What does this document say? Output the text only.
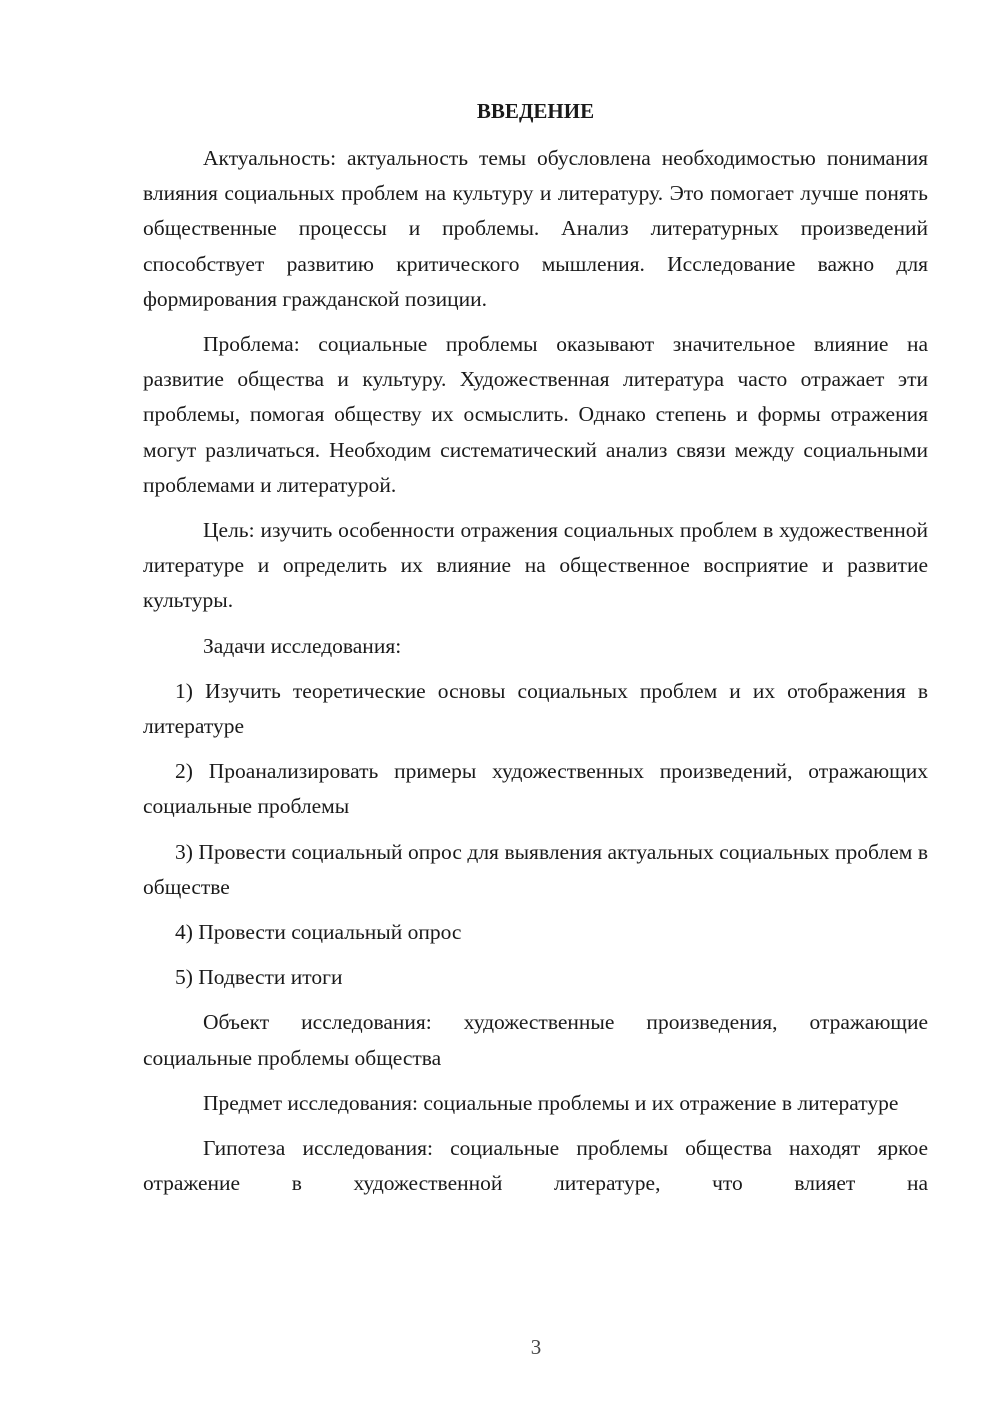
ВВЕДЕНИЕ

Актуальность: актуальность темы обусловлена необходимостью понимания влияния социальных проблем на культуру и литературу. Это помогает лучше понять общественные процессы и проблемы. Анализ литературных произведений способствует развитию критического мышления. Исследование важно для формирования гражданской позиции.

Проблема: социальные проблемы оказывают значительное влияние на развитие общества и культуру. Художественная литература часто отражает эти проблемы, помогая обществу их осмыслить. Однако степень и формы отражения могут различаться. Необходим систематический анализ связи между социальными проблемами и литературой.

Цель: изучить особенности отражения социальных проблем в художественной литературе и определить их влияние на общественное восприятие и развитие культуры.

Задачи исследования:

1) Изучить теоретические основы социальных проблем и их отображения в литературе

2) Проанализировать примеры художественных произведений, отражающих социальные проблемы

3) Провести социальный опрос для выявления актуальных социальных проблем в обществе

4) Провести социальный опрос

5) Подвести итоги

Объект исследования: художественные произведения, отражающие социальные проблемы общества

Предмет исследования: социальные проблемы и их отражение в литературе

Гипотеза исследования: социальные проблемы общества находят яркое отражение в художественной литературе, что влияет на

3
